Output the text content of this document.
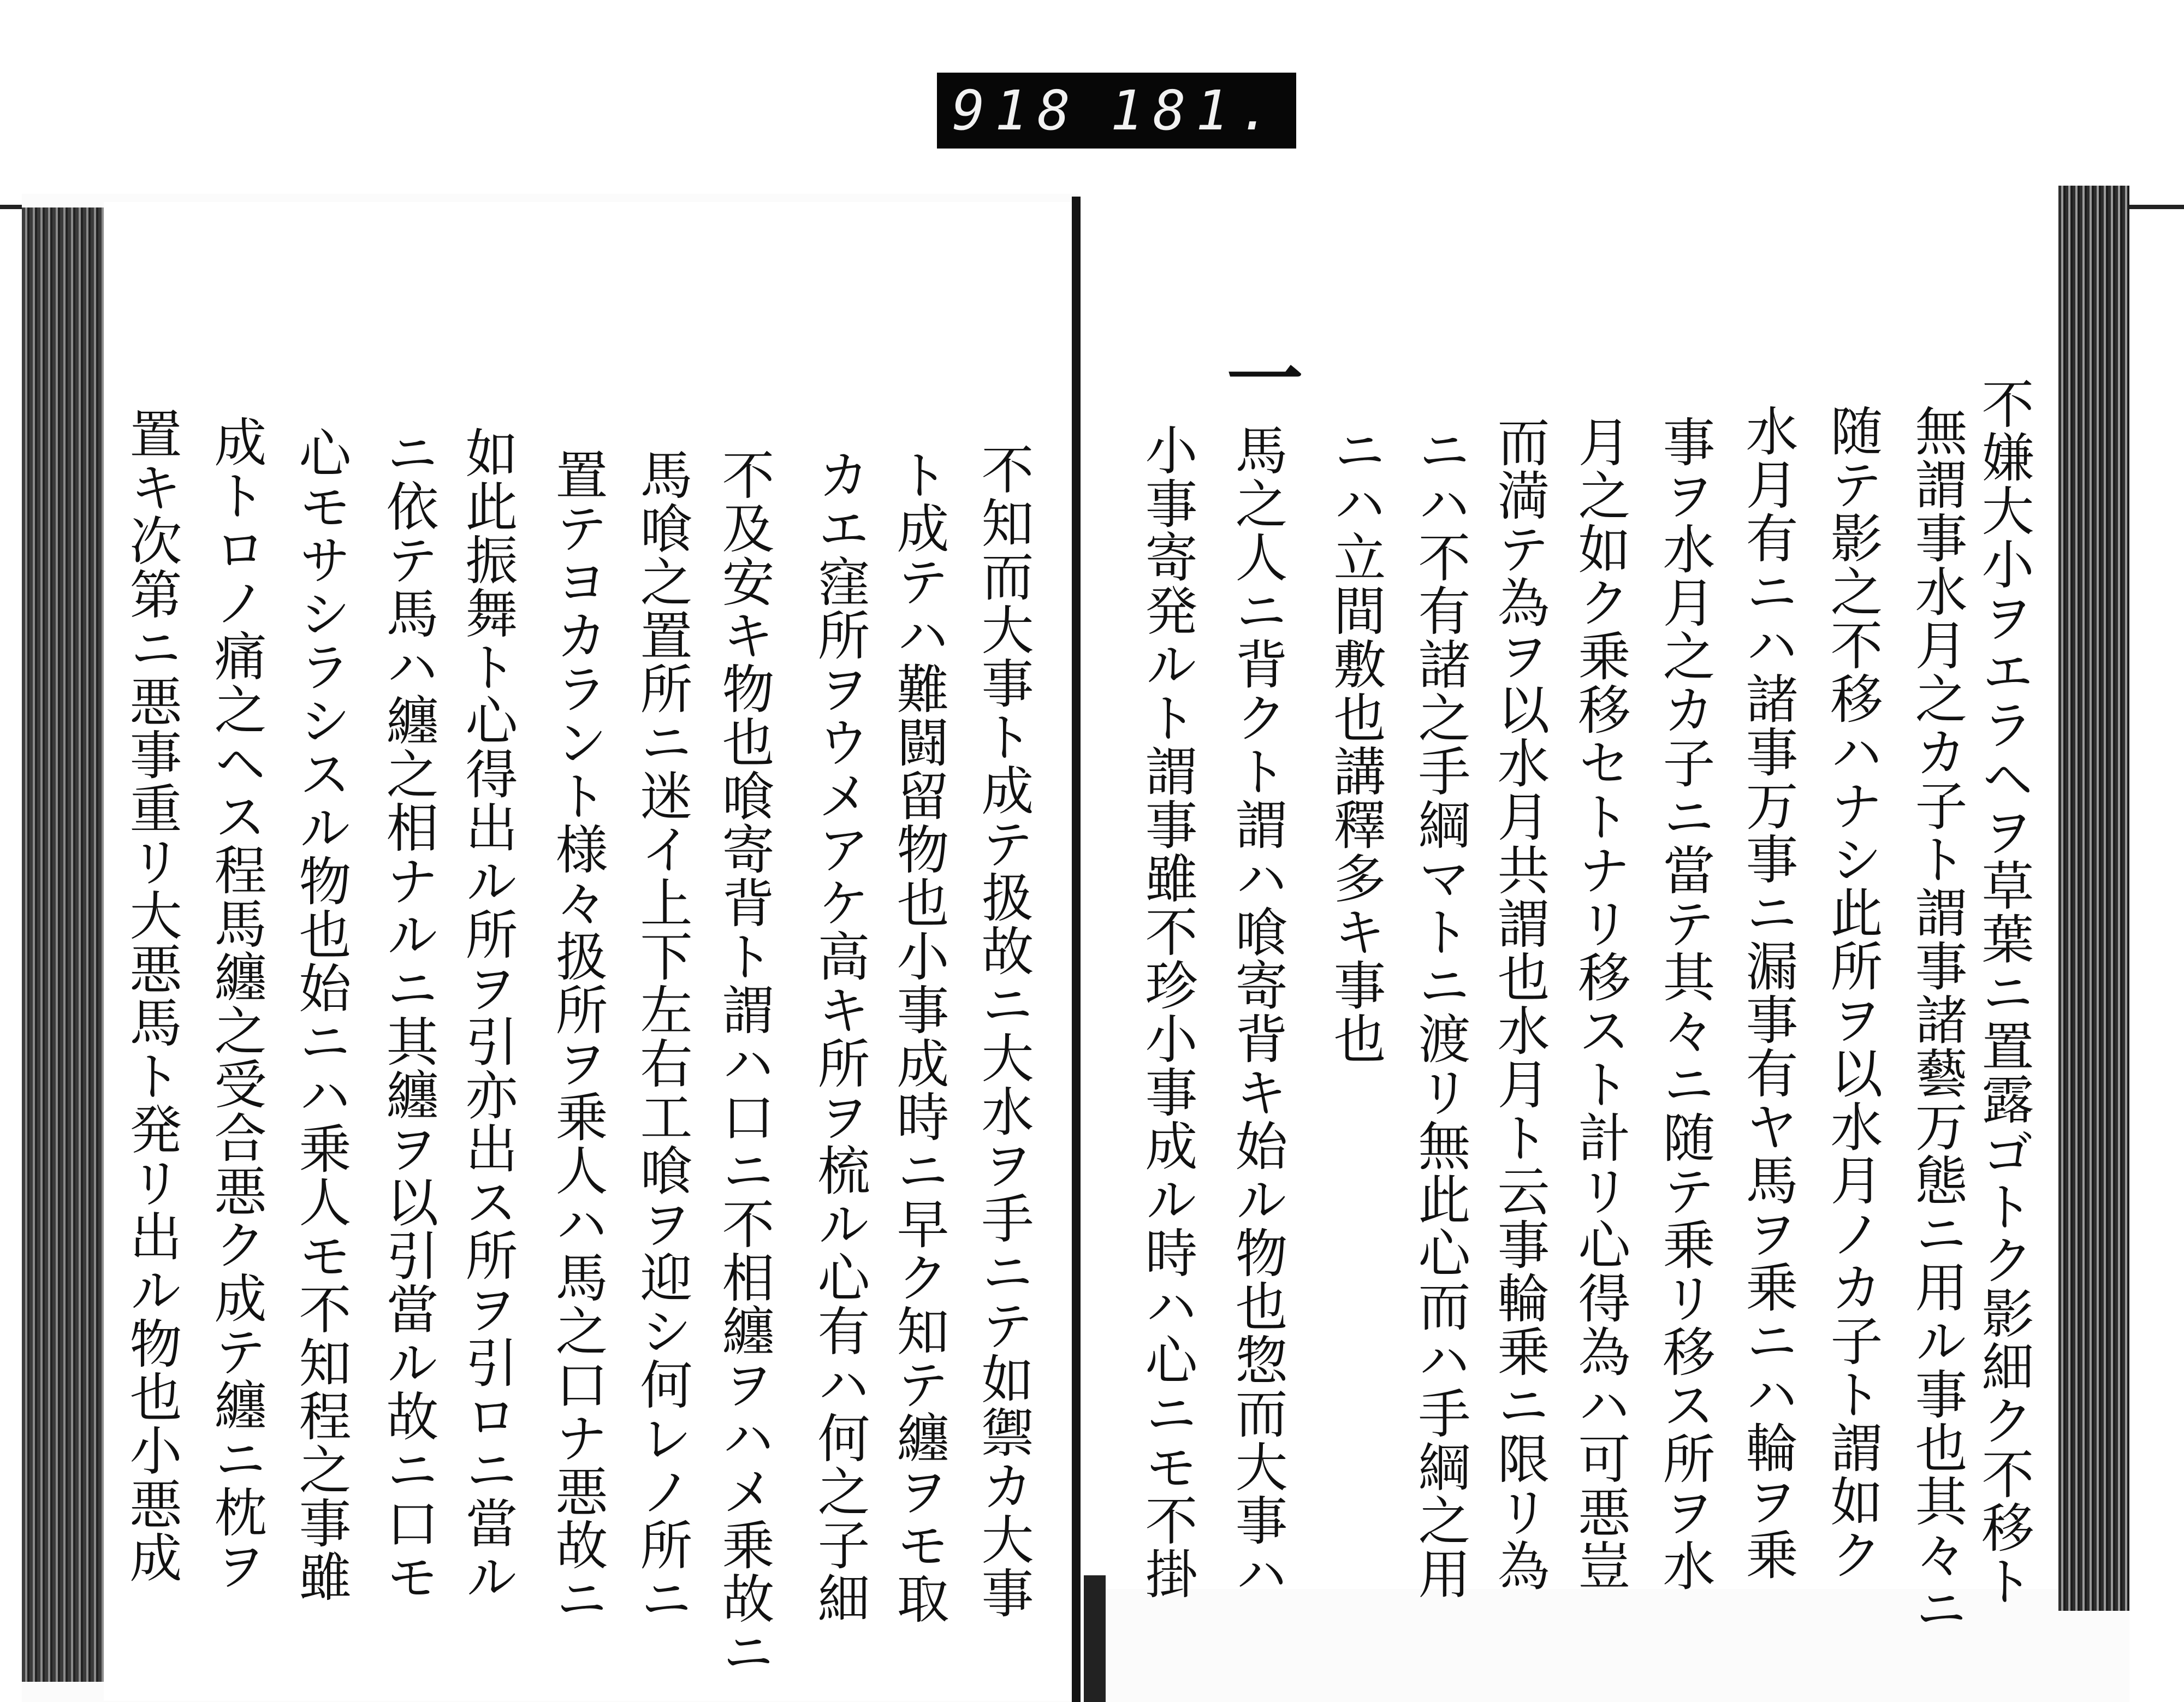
918 181.
不嫌大小ヲエラヘヲ草葉ニ置露ゴトク影細ク不移ト
無謂事水月之カ子ト謂事諸藝万態ニ用ル事也其々ニ
随テ影之不移ハナシ此所ヲ以水月ノカ子ト謂如ク
水月有ニハ諸事万事ニ漏事有ヤ馬ヲ乗ニハ輪ヲ乗
事ヲ水月之カ子ニ當テ其々ニ随テ乗リ移ス所ヲ水
月之如ク乗移セトナリ移スト計リ心得為ハ可悪豈
而満テ為ヲ以水月共謂也水月ト云事輪乗ニ限リ為
ニハ不有諸之手綱マトニ渡リ無此心而ハ手綱之用
ニハ立間敷也講釋多キ事也
一
馬之人ニ背クト謂ハ喰寄背キ始ル物也惣而大事ハ
小事寄発ルト謂事雖不珍小事成ル時ハ心ニモ不掛
不知而大事ト成テ扱故ニ大水ヲ手ニテ如禦カ大事
ト成テハ難闘留物也小事成時ニ早ク知テ纏ヲモ取
カエ窪所ヲウメアケ高キ所ヲ梳ル心有ハ何之子細
不及安キ物也喰寄背ト謂ハ口ニ不相纏ヲハメ乗故ニ
馬喰之置所ニ迷イ上下左右工喰ヲ迎シ何レノ所ニ
置テヨカラント様々扱所ヲ乗人ハ馬之口ナ悪故ニ
如此振舞ト心得出ル所ヲ引亦出ス所ヲ引ロニ當ル
ニ依テ馬ハ纏之相ナルニ其纏ヲ以引當ル故ニ口モ
心モサシラシスル物也始ニハ乗人モ不知程之事雖
成トロノ痛之ヘス程馬纏之受合悪ク成テ纏ニ枕ヲ
置キ次第ニ悪事重リ大悪馬ト発リ出ル物也小悪成
